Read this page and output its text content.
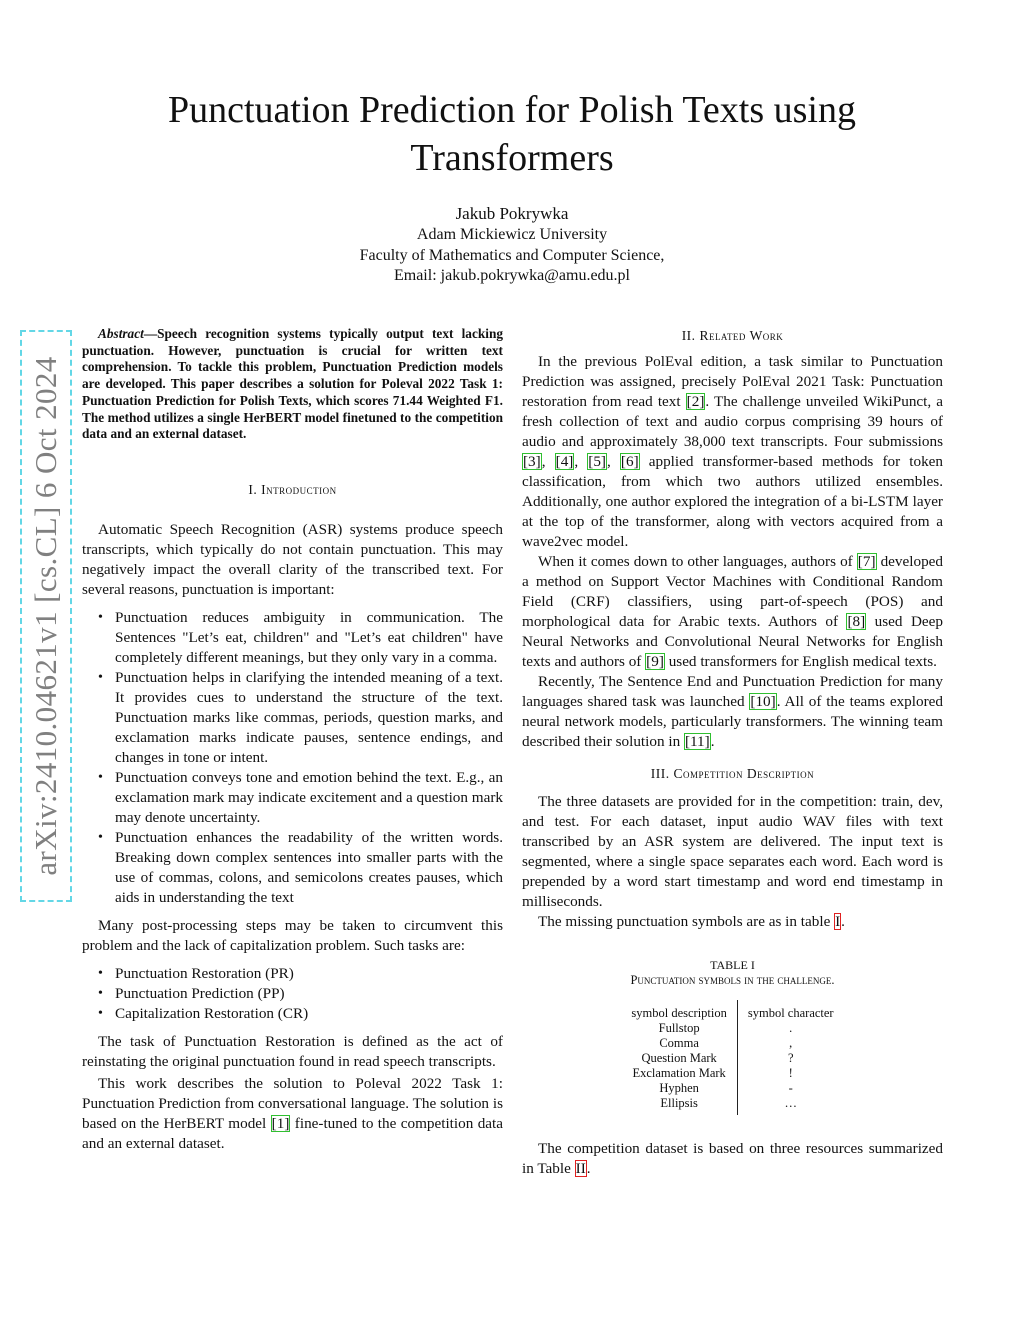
arXiv:2410.04621v1 [cs.CL] 6 Oct 2024
Punctuation Prediction for Polish Texts using
Transformers
Jakub Pokrywka
Adam Mickiewicz University
Faculty of Mathematics and Computer Science,
Email: jakub.pokrywka@amu.edu.pl

Abstract—Speech recognition systems typically output text lacking punctuation. However, punctuation is crucial for written text comprehension. To tackle this problem, Punctuation Prediction models are developed. This paper describes a solution for Poleval 2022 Task 1: Punctuation Prediction for Polish Texts, which scores 71.44 Weighted F1. The method utilizes a single HerBERT model finetuned to the competition data and an external dataset.

I. Introduction

Automatic Speech Recognition (ASR) systems produce speech transcripts, which typically do not contain punctuation. This may negatively impact the overall clarity of the transcribed text. For several reasons, punctuation is important:

• Punctuation reduces ambiguity in communication. The Sentences "Let’s eat, children" and "Let’s eat children" have completely different meanings, but they only vary in a comma.
• Punctuation helps in clarifying the intended meaning of a text. It provides cues to understand the structure of the text. Punctuation marks like commas, periods, question marks, and exclamation marks indicate pauses, sentence endings, and changes in tone or intent.
• Punctuation conveys tone and emotion behind the text. E.g., an exclamation mark may indicate excitement and a question mark may denote uncertainty.
• Punctuation enhances the readability of the written words. Breaking down complex sentences into smaller parts with the use of commas, colons, and semicolons creates pauses, which aids in understanding the text

Many post-processing steps may be taken to circumvent this problem and the lack of capitalization problem. Such tasks are:

• Punctuation Restoration (PR)
• Punctuation Prediction (PP)
• Capitalization Restoration (CR)

The task of Punctuation Restoration is defined as the act of reinstating the original punctuation found in read speech transcripts.

This work describes the solution to Poleval 2022 Task 1: Punctuation Prediction from conversational language. The solution is based on the HerBERT model [1] fine-tuned to the competition data and an external dataset.

II. Related Work

In the previous PolEval edition, a task similar to Punctuation Prediction was assigned, precisely PolEval 2021 Task: Punctuation restoration from read text [2]. The challenge unveiled WikiPunct, a fresh collection of text and audio corpus comprising 39 hours of audio and approximately 38,000 text transcripts. Four submissions [3], [4], [5], [6] applied transformer-based methods for token classification, from which two authors utilized ensembles. Additionally, one author explored the integration of a bi-LSTM layer at the top of the transformer, along with vectors acquired from a wave2vec model.

When it comes down to other languages, authors of [7] developed a method on Support Vector Machines with Conditional Random Field (CRF) classifiers, using part-of-speech (POS) and morphological data for Arabic texts. Authors of [8] used Deep Neural Networks and Convolutional Neural Networks for English texts and authors of [9] used transformers for English medical texts.

Recently, The Sentence End and Punctuation Prediction for many languages shared task was launched [10]. All of the teams explored neural network models, particularly transformers. The winning team described their solution in [11].

III. Competition Description

The three datasets are provided for in the competition: train, dev, and test. For each dataset, input audio WAV files with text transcribed by an ASR system are delivered. The input text is segmented, where a single space separates each word. Each word is prepended by a word start timestamp and word end timestamp in milliseconds.

The missing punctuation symbols are as in table I.

TABLE I
Punctuation symbols in the challenge.
symbol description	symbol character
Fullstop	.
Comma	,
Question Mark	?
Exclamation Mark	!
Hyphen	-
Ellipsis	…

The competition dataset is based on three resources summarized in Table II.
